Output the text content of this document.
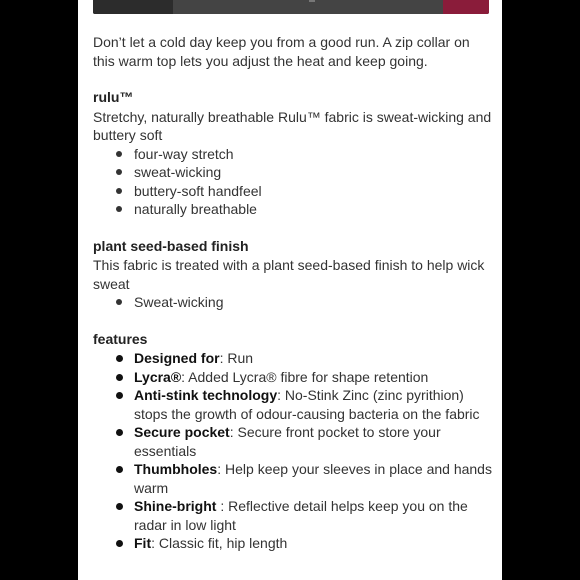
Don’t let a cold day keep you from a good run. A zip collar on this warm top lets you adjust the heat and keep going.

rulu™

Stretchy, naturally breathable Rulu™ fabric is sweat-wicking and buttery soft

four-way stretch
sweat-wicking
buttery-soft handfeel
naturally breathable

plant seed-based finish

This fabric is treated with a plant seed-based finish to help wick sweat

Sweat-wicking

features

Designed for: Run
Lycra®: Added Lycra® fibre for shape retention
Anti-stink technology: No-Stink Zinc (zinc pyrithion) stops the growth of odour-causing bacteria on the fabric
Secure pocket: Secure front pocket to store your essentials
Thumbholes: Help keep your sleeves in place and hands warm
Shine-bright : Reflective detail helps keep you on the radar in low light
Fit: Classic fit, hip length
